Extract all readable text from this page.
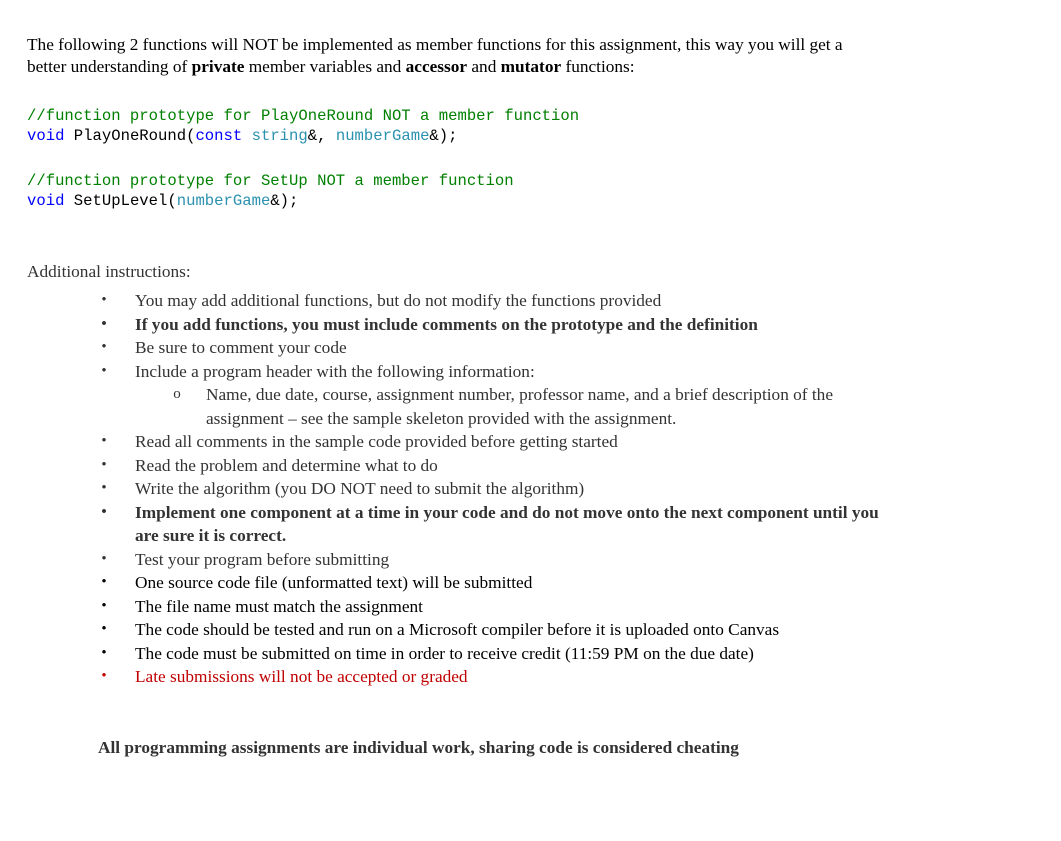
The following 2 functions will NOT be implemented as member functions for this assignment, this way you will get a
better understanding of private member variables and accessor and mutator functions:
//function prototype for PlayOneRound NOT a member function
void PlayOneRound(const string&, numberGame&);
//function prototype for SetUp NOT a member function
void SetUpLevel(numberGame&);
Additional instructions:
• You may add additional functions, but do not modify the functions provided
• If you add functions, you must include comments on the prototype and the definition
• Be sure to comment your code
• Include a program header with the following information:
o Name, due date, course, assignment number, professor name, and a brief description of the
assignment – see the sample skeleton provided with the assignment.
• Read all comments in the sample code provided before getting started
• Read the problem and determine what to do
• Write the algorithm (you DO NOT need to submit the algorithm)
• Implement one component at a time in your code and do not move onto the next component until you
are sure it is correct.
• Test your program before submitting
• One source code file (unformatted text) will be submitted
• The file name must match the assignment
• The code should be tested and run on a Microsoft compiler before it is uploaded onto Canvas
• The code must be submitted on time in order to receive credit (11:59 PM on the due date)
• Late submissions will not be accepted or graded
All programming assignments are individual work, sharing code is considered cheating
